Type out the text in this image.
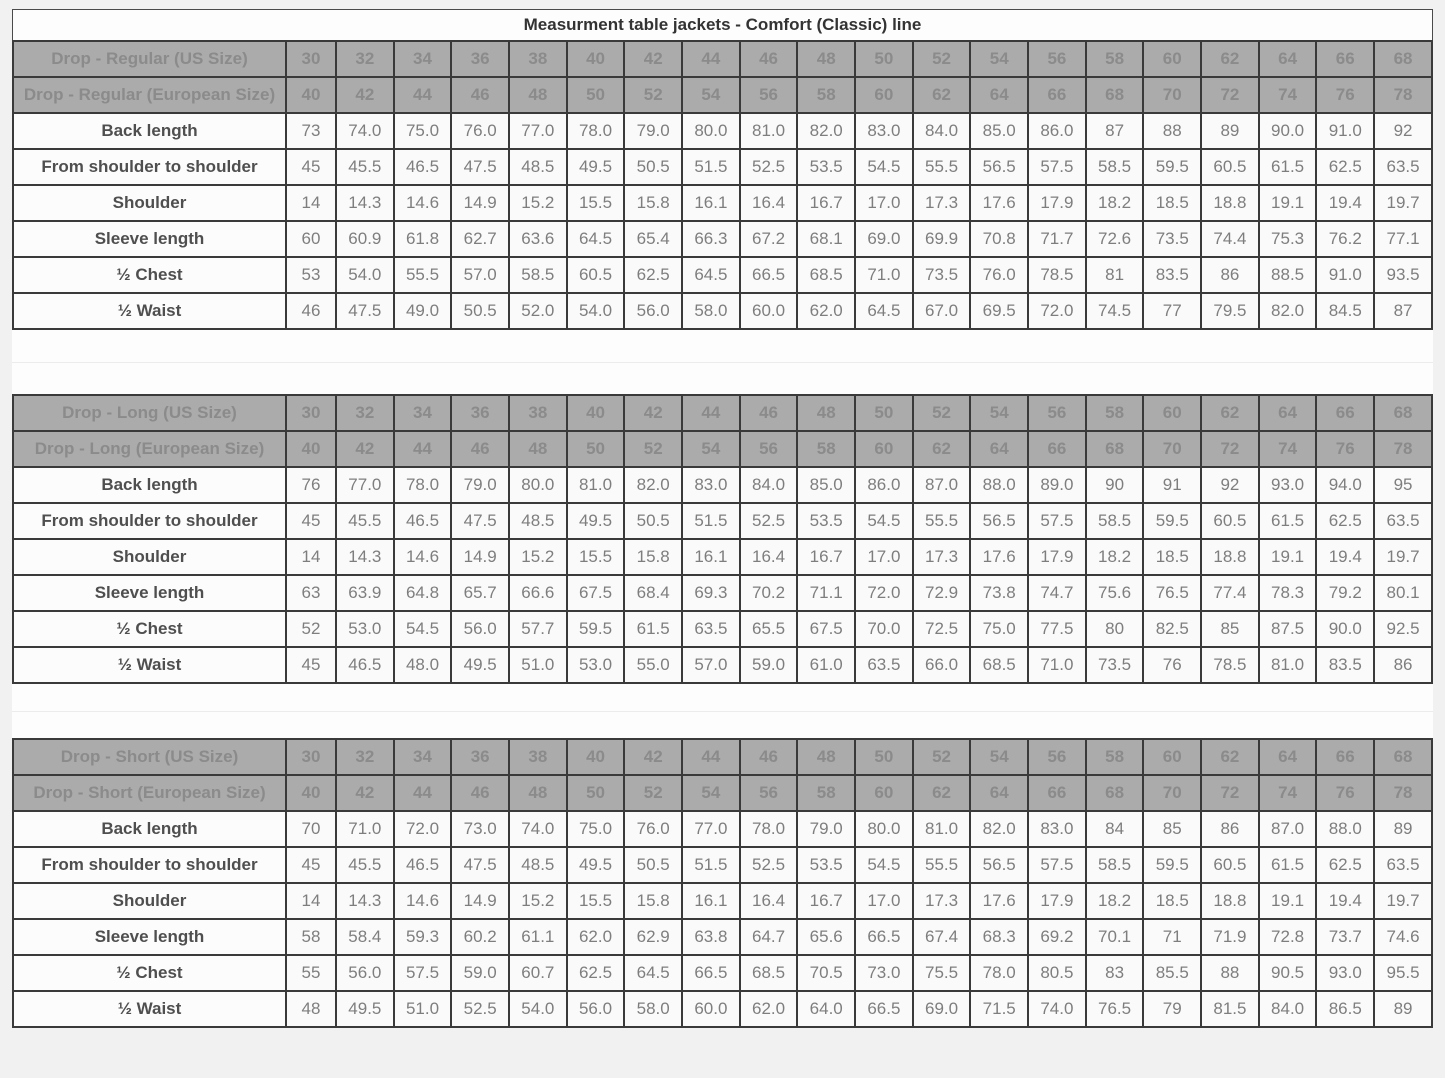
Measurment table jackets - Comfort (Classic) line
Drop - Regular (US Size)	30	32	34	36	38	40	42	44	46	48	50	52	54	56	58	60	62	64	66	68
Drop - Regular (European Size)	40	42	44	46	48	50	52	54	56	58	60	62	64	66	68	70	72	74	76	78
Back length	73	74.0	75.0	76.0	77.0	78.0	79.0	80.0	81.0	82.0	83.0	84.0	85.0	86.0	87	88	89	90.0	91.0	92
From shoulder to shoulder	45	45.5	46.5	47.5	48.5	49.5	50.5	51.5	52.5	53.5	54.5	55.5	56.5	57.5	58.5	59.5	60.5	61.5	62.5	63.5
Shoulder	14	14.3	14.6	14.9	15.2	15.5	15.8	16.1	16.4	16.7	17.0	17.3	17.6	17.9	18.2	18.5	18.8	19.1	19.4	19.7
Sleeve length	60	60.9	61.8	62.7	63.6	64.5	65.4	66.3	67.2	68.1	69.0	69.9	70.8	71.7	72.6	73.5	74.4	75.3	76.2	77.1
½ Chest	53	54.0	55.5	57.0	58.5	60.5	62.5	64.5	66.5	68.5	71.0	73.5	76.0	78.5	81	83.5	86	88.5	91.0	93.5
½ Waist	46	47.5	49.0	50.5	52.0	54.0	56.0	58.0	60.0	62.0	64.5	67.0	69.5	72.0	74.5	77	79.5	82.0	84.5	87
Drop - Long (US Size)	30	32	34	36	38	40	42	44	46	48	50	52	54	56	58	60	62	64	66	68
Drop - Long (European Size)	40	42	44	46	48	50	52	54	56	58	60	62	64	66	68	70	72	74	76	78
Back length	76	77.0	78.0	79.0	80.0	81.0	82.0	83.0	84.0	85.0	86.0	87.0	88.0	89.0	90	91	92	93.0	94.0	95
From shoulder to shoulder	45	45.5	46.5	47.5	48.5	49.5	50.5	51.5	52.5	53.5	54.5	55.5	56.5	57.5	58.5	59.5	60.5	61.5	62.5	63.5
Shoulder	14	14.3	14.6	14.9	15.2	15.5	15.8	16.1	16.4	16.7	17.0	17.3	17.6	17.9	18.2	18.5	18.8	19.1	19.4	19.7
Sleeve length	63	63.9	64.8	65.7	66.6	67.5	68.4	69.3	70.2	71.1	72.0	72.9	73.8	74.7	75.6	76.5	77.4	78.3	79.2	80.1
½ Chest	52	53.0	54.5	56.0	57.7	59.5	61.5	63.5	65.5	67.5	70.0	72.5	75.0	77.5	80	82.5	85	87.5	90.0	92.5
½ Waist	45	46.5	48.0	49.5	51.0	53.0	55.0	57.0	59.0	61.0	63.5	66.0	68.5	71.0	73.5	76	78.5	81.0	83.5	86
Drop - Short (US Size)	30	32	34	36	38	40	42	44	46	48	50	52	54	56	58	60	62	64	66	68
Drop - Short (European Size)	40	42	44	46	48	50	52	54	56	58	60	62	64	66	68	70	72	74	76	78
Back length	70	71.0	72.0	73.0	74.0	75.0	76.0	77.0	78.0	79.0	80.0	81.0	82.0	83.0	84	85	86	87.0	88.0	89
From shoulder to shoulder	45	45.5	46.5	47.5	48.5	49.5	50.5	51.5	52.5	53.5	54.5	55.5	56.5	57.5	58.5	59.5	60.5	61.5	62.5	63.5
Shoulder	14	14.3	14.6	14.9	15.2	15.5	15.8	16.1	16.4	16.7	17.0	17.3	17.6	17.9	18.2	18.5	18.8	19.1	19.4	19.7
Sleeve length	58	58.4	59.3	60.2	61.1	62.0	62.9	63.8	64.7	65.6	66.5	67.4	68.3	69.2	70.1	71	71.9	72.8	73.7	74.6
½ Chest	55	56.0	57.5	59.0	60.7	62.5	64.5	66.5	68.5	70.5	73.0	75.5	78.0	80.5	83	85.5	88	90.5	93.0	95.5
½ Waist	48	49.5	51.0	52.5	54.0	56.0	58.0	60.0	62.0	64.0	66.5	69.0	71.5	74.0	76.5	79	81.5	84.0	86.5	89
